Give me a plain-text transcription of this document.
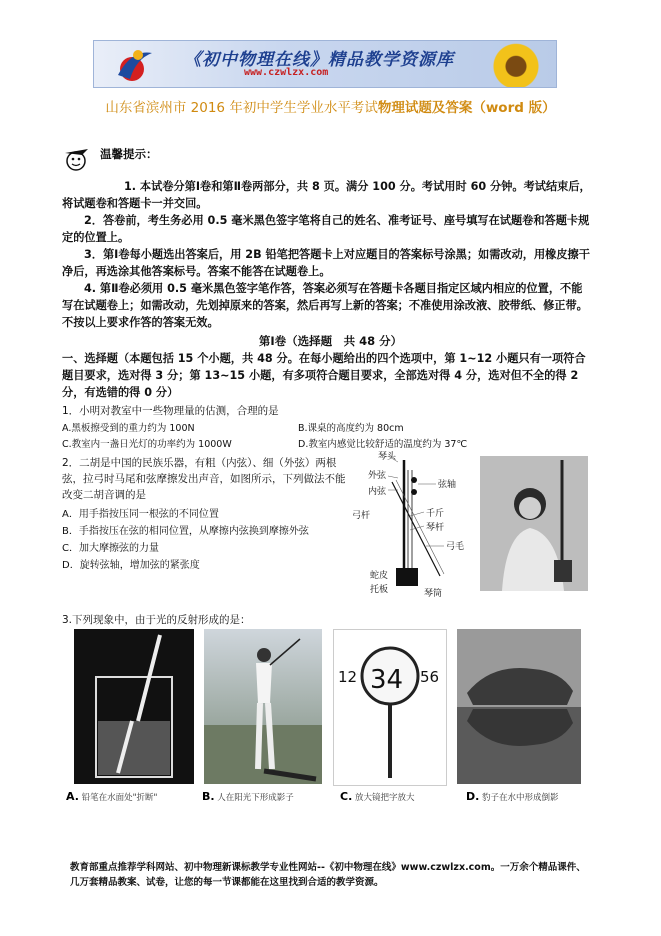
《初中物理在线》精品教学资源库
www.czwlzx.com
山东省滨州市 2016 年初中学生学业水平考试物理试题及答案（word 版）
温馨提示：
1. 本试卷分第Ⅰ卷和第Ⅱ卷两部分，共 8 页。满分 100 分。考试用时 60 分钟。考试结束后，将试题卷和答题卡一并交回。
2．答卷前，考生务必用 0.5 毫米黑色签字笔将自己的姓名、准考证号、座号填写在试题卷和答题卡规定的位置上。
3．第Ⅰ卷每小题选出答案后，用 2B 铅笔把答题卡上对应题目的答案标号涂黑；如需改动，用橡皮擦干净后，再选涂其他答案标号。答案不能答在试题卷上。
4. 第Ⅱ卷必须用 0.5 毫米黑色签字笔作答，答案必须写在答题卡各题目指定区域内相应的位置，不能写在试题卷上；如需改动，先划掉原来的答案，然后再写上新的答案；不准使用涂改液、胶带纸、修正带。不按以上要求作答的答案无效。
第Ⅰ卷（选择题　共 48 分）
一、选择题（本题包括 15 个小题，共 48 分。在每小题给出的四个选项中，第 1~12 小题只有一项符合题目要求，选对得 3 分；第 13~15 小题，有多项符合题目要求，全部选对得 4 分，选对但不全的得 2 分，有选错的得 0 分）
1．小明对教室中一些物理量的估测，合理的是
A.黑板擦受到的重力约为 100N	B.课桌的高度约为 80cm
C.教室内一盏日光灯的功率约为 1000W	D.教室内感觉比较舒适的温度约为 37℃
2．二胡是中国的民族乐器，有粗（内弦）、细（外弦）两根弦，拉弓时马尾和弦摩擦发出声音，如图所示，下列做法不能改变二胡音调的是
A．用手指按压同一根弦的不同位置
B．手指按压在弦的相同位置，从摩擦内弦换到摩擦外弦
C．加大摩擦弦的力量
D．旋转弦轴，增加弦的紧张度
琴头
外弦
内弦
弦轴
弓杆	千斤
琴杆
弓毛
蛇皮
托板	琴筒
3.下列现象中，由于光的反射形成的是：
12 34 56
A. 铅笔在水面处"折断"	B. 人在阳光下形成影子	C. 放大镜把字放大	D. 豹子在水中形成倒影
教育部重点推荐学科网站、初中物理新课标教学专业性网站--《初中物理在线》www.czwlzx.com。一万余个精品课件、
几万套精品教案、试卷，让您的每一节课都能在这里找到合适的教学资源。
